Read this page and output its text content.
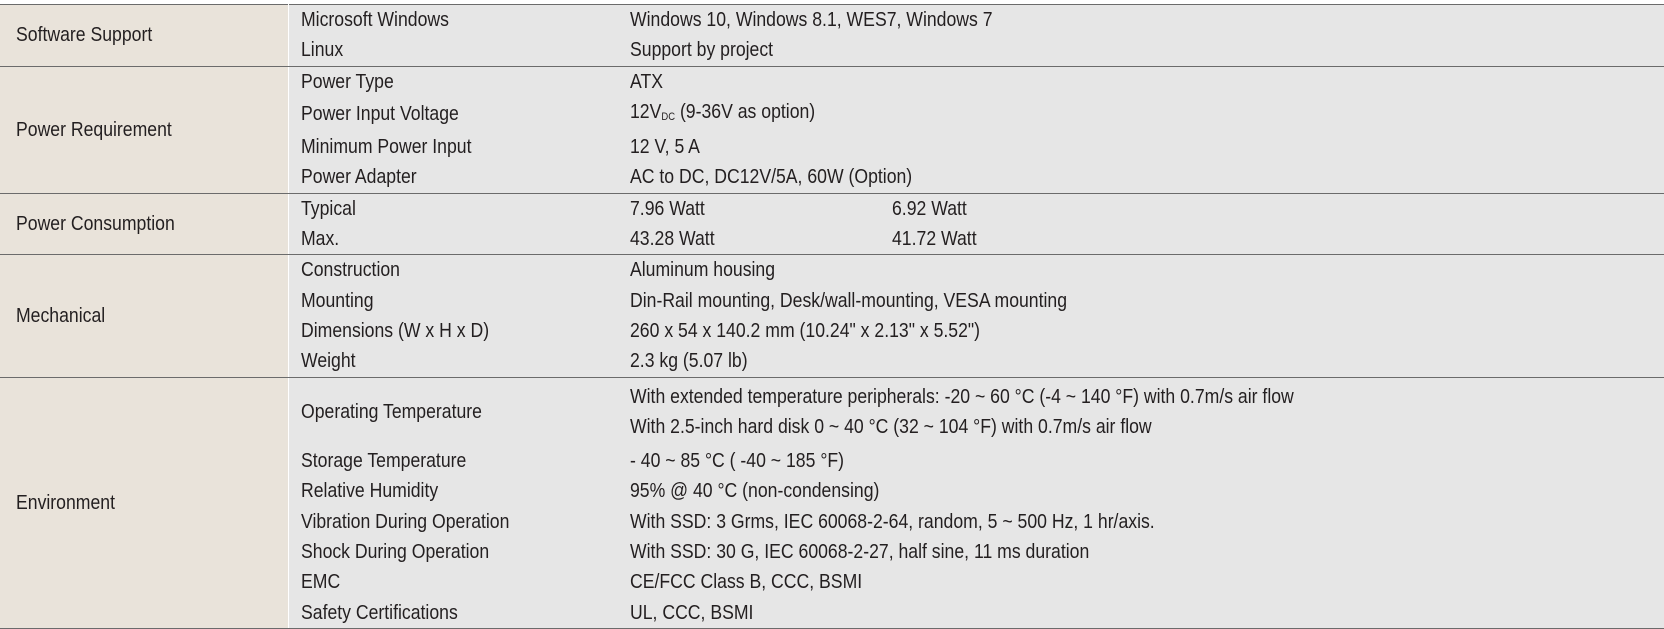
Software Support	Microsoft Windows	Windows 10, Windows 8.1, WES7, Windows 7	
	Linux	Support by project	
Power Requirement	Power Type	ATX	
	Power Input Voltage	$12V_{DC}$ (9-36V as option)	
	Minimum Power Input	12 V, 5 A	
	Power Adapter	AC to DC, DC12V/5A, 60W (Option)	
Power Consumption	Typical	7.96 Watt	6.92 Watt
	Max.	43.28 Watt	41.72 Watt
Mechanical	Construction	Aluminum housing	
	Mounting	Din-Rail mounting, Desk/wall-mounting, VESA mounting	
	Dimensions (W x H x D)	260 x 54 x 140.2 mm (10.24" x 2.13" x 5.52")	
	Weight	2.3 kg (5.07 lb)	
Environment	Operating Temperature	With extended temperature peripherals: -20 ~ 60 °C (-4 ~ 140 °F) with 0.7m/s air flow
With 2.5-inch hard disk 0 ~ 40 °C (32 ~ 104 °F) with 0.7m/s air flow	

	Storage Temperature	- 40 ~ 85 °C ( -40 ~ 185 °F)	
	Relative Humidity	95% @ 40 °C (non-condensing)	
	Vibration During Operation	With SSD: 3 Grms, IEC 60068-2-64, random, 5 ~ 500 Hz, 1 hr/axis.	
	Shock During Operation	With SSD: 30 G, IEC 60068-2-27, half sine, 11 ms duration	
	EMC	CE/FCC Class B, CCC, BSMI	
	Safety Certifications	UL, CCC, BSMI	
